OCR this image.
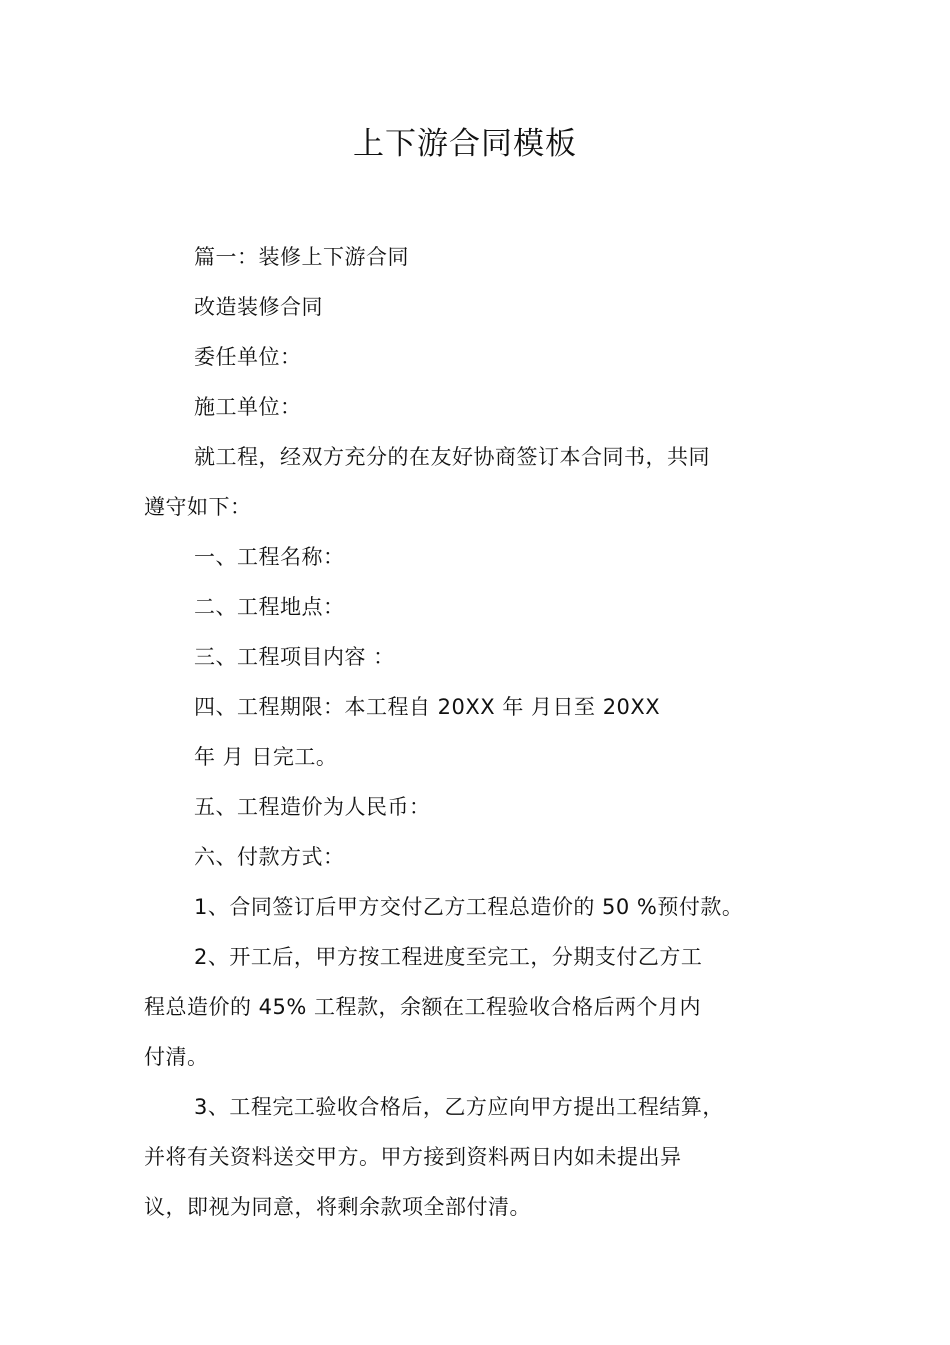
上下游合同模板
篇一：装修上下游合同
改造装修合同
委任单位：
施工单位：
就工程，经双方充分的在友好协商签订本合同书，共同
遵守如下：
一、工程名称：
二、工程地点：
三、工程项目内容 ：
四、工程期限：本工程自 20XX 年 月日至 20XX
年 月 日完工。
五、工程造价为人民币：
六、付款方式：
1、合同签订后甲方交付乙方工程总造价的 50 %预付款。
2、开工后，甲方按工程进度至完工，分期支付乙方工
程总造价的 45% 工程款，余额在工程验收合格后两个月内
付清。
3、工程完工验收合格后，乙方应向甲方提出工程结算，
并将有关资料送交甲方。甲方接到资料两日内如未提出异
议，即视为同意，将剩余款项全部付清。
